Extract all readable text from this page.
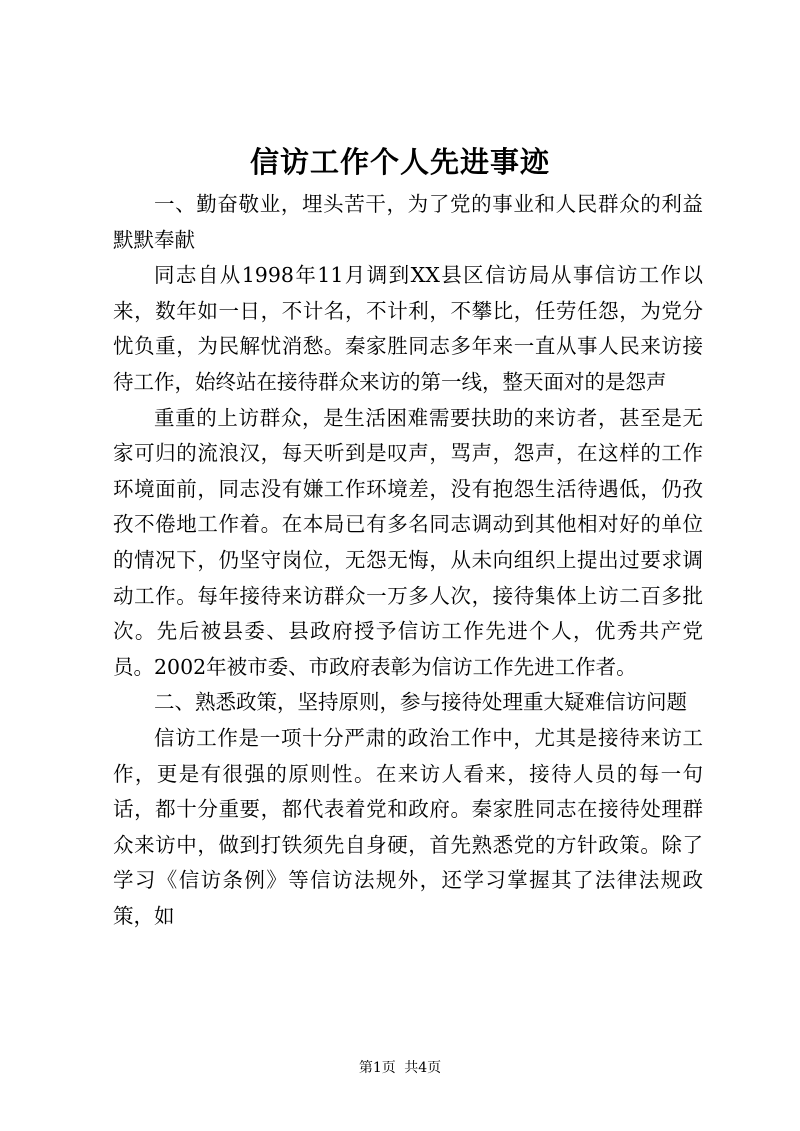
信访工作个人先进事迹

一、勤奋敬业，埋头苦干，为了党的事业和人民群众的利益默默奉献

同志自从1998年11月调到XX县区信访局从事信访工作以来，数年如一日，不计名，不计利，不攀比，任劳任怨，为党分忧负重，为民解忧消愁。秦家胜同志多年来一直从事人民来访接待工作，始终站在接待群众来访的第一线，整天面对的是怨声

重重的上访群众，是生活困难需要扶助的来访者，甚至是无家可归的流浪汉，每天听到是叹声，骂声，怨声，在这样的工作环境面前，同志没有嫌工作环境差，没有抱怨生活待遇低，仍孜孜不倦地工作着。在本局已有多名同志调动到其他相对好的单位的情况下，仍坚守岗位，无怨无悔，从未向组织上提出过要求调动工作。每年接待来访群众一万多人次，接待集体上访二百多批次。先后被县委、县政府授予信访工作先进个人，优秀共产党员。2002年被市委、市政府表彰为信访工作先进工作者。

二、熟悉政策，坚持原则，参与接待处理重大疑难信访问题

信访工作是一项十分严肃的政治工作中，尤其是接待来访工作，更是有很强的原则性。在来访人看来，接待人员的每一句话，都十分重要，都代表着党和政府。秦家胜同志在接待处理群众来访中，做到打铁须先自身硬，首先熟悉党的方针政策。除了学习《信访条例》等信访法规外，还学习掌握其了法律法规政策，如

第1页 共4页
